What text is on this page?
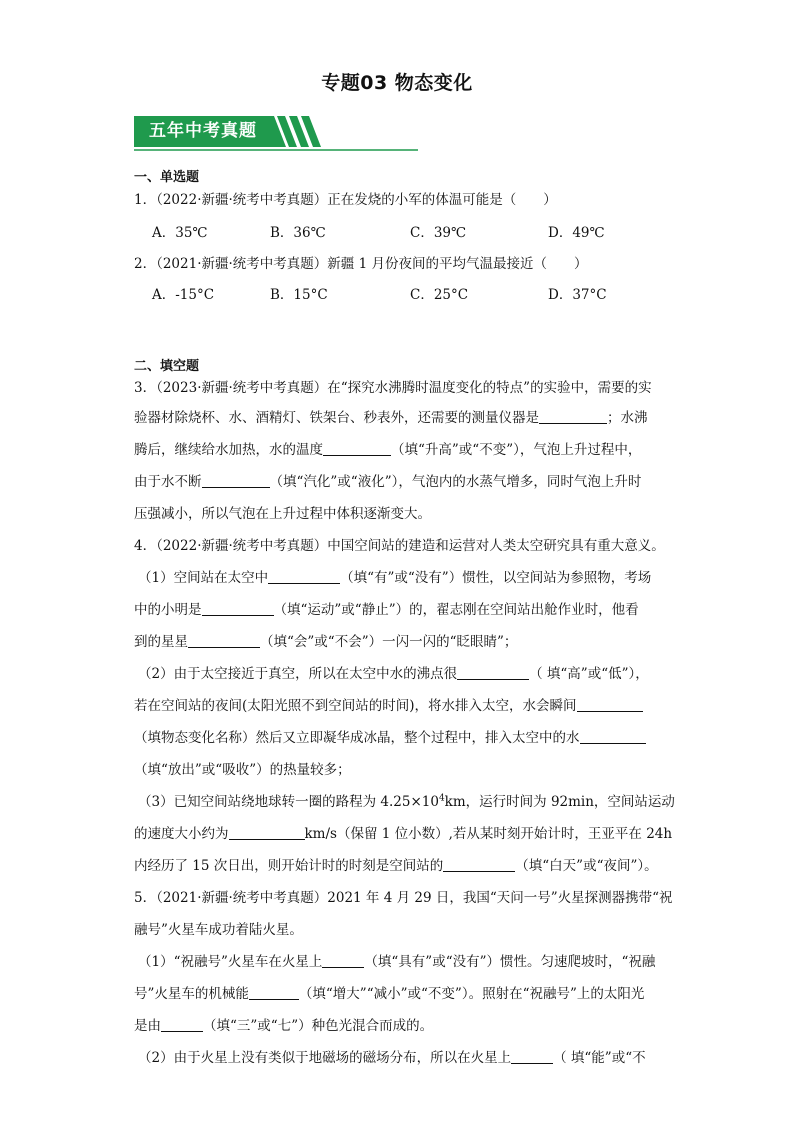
专题03 物态变化
五年中考真题
一、单选题
1．（2022·新疆·统考中考真题）正在发烧的小军的体温可能是（　　）
A．35℃	B．36℃	C．39℃	D．49℃
2．（2021·新疆·统考中考真题）新疆 1 月份夜间的平均气温最接近（　　）
A．-15°C	B．15°C	C．25°C	D．37°C
二、填空题
3．（2023·新疆·统考中考真题）在“探究水沸腾时温度变化的特点”的实验中，需要的实
验器材除烧杯、水、酒精灯、铁架台、秒表外，还需要的测量仪器是	；水沸
腾后，继续给水加热，水的温度	（填“升高”或“不变”），气泡上升过程中，
由于水不断	（填“汽化”或“液化”），气泡内的水蒸气增多，同时气泡上升时
压强减小，所以气泡在上升过程中体积逐渐变大。
4．（2022·新疆·统考中考真题）中国空间站的建造和运营对人类太空研究具有重大意义。
（1）空间站在太空中	（填“有”或“没有”）惯性，以空间站为参照物，考场
中的小明是	（填“运动”或“静止”）的，翟志刚在空间站出舱作业时，他看
到的星星	（填“会”或“不会”）一闪一闪的“眨眼睛”；
（2）由于太空接近于真空，所以在太空中水的沸点很	（ 填“高”或“低”），
若在空间站的夜间(太阳光照不到空间站的时间)，将水排入太空，水会瞬间
（填物态变化名称）然后又立即凝华成冰晶，整个过程中，排入太空中的水
（填“放出”或“吸收”）的热量较多；
（3）已知空间站绕地球转一圈的路程为 $4.25\times 10^4km$，运行时间为 92min，空间站运动
的速度大小约为	km/s（保留 1 位小数）,若从某时刻开始计时，王亚平在 24h
内经历了 15 次日出，则开始计时的时刻是空间站的	（填“白天”或“夜间”）。
5．（2021·新疆·统考中考真题）2021 年 4 月 29 日，我国“天问一号”火星探测器携带“祝
融号”火星车成功着陆火星。
（1）“祝融号”火星车在火星上	（填“具有”或“没有”）惯性。匀速爬坡时，“祝融
号”火星车的机械能	（填“增大”“减小”或“不变”）。照射在“祝融号”上的太阳光
是由	（填“三”或“七”）种色光混合而成的。
（2）由于火星上没有类似于地磁场的磁场分布，所以在火星上	（ 填“能”或“不
